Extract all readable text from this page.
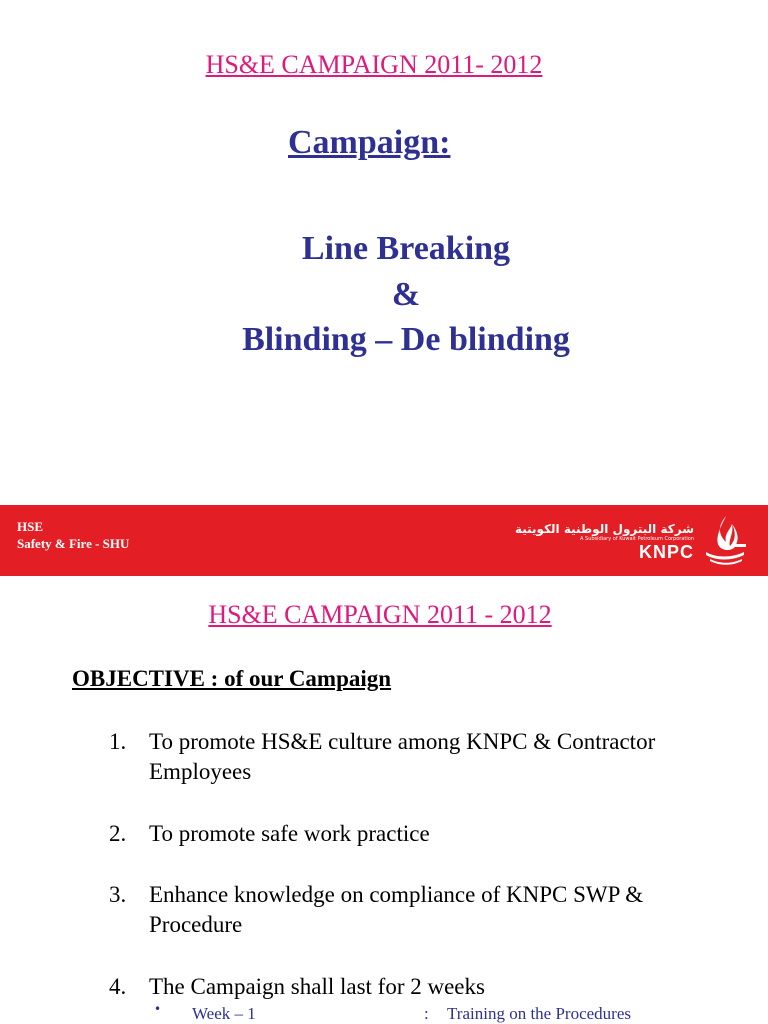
HS&E CAMPAIGN 2011- 2012
Campaign:
Line Breaking
&
Blinding – De blinding
HSE
Safety & Fire - SHU
شركة البترول الوطنية الكويتية
A Subsidiary of Kuwait Petroleum Corporation
KNPC
HS&E CAMPAIGN 2011 - 2012
OBJECTIVE : of our Campaign
1. To promote HS&E culture among KNPC & Contractor Employees
2. To promote safe work practice
3. Enhance knowledge on compliance of KNPC SWP & Procedure
4. The Campaign shall last for 2 weeks
• Week – 1	: Training on the Procedures
